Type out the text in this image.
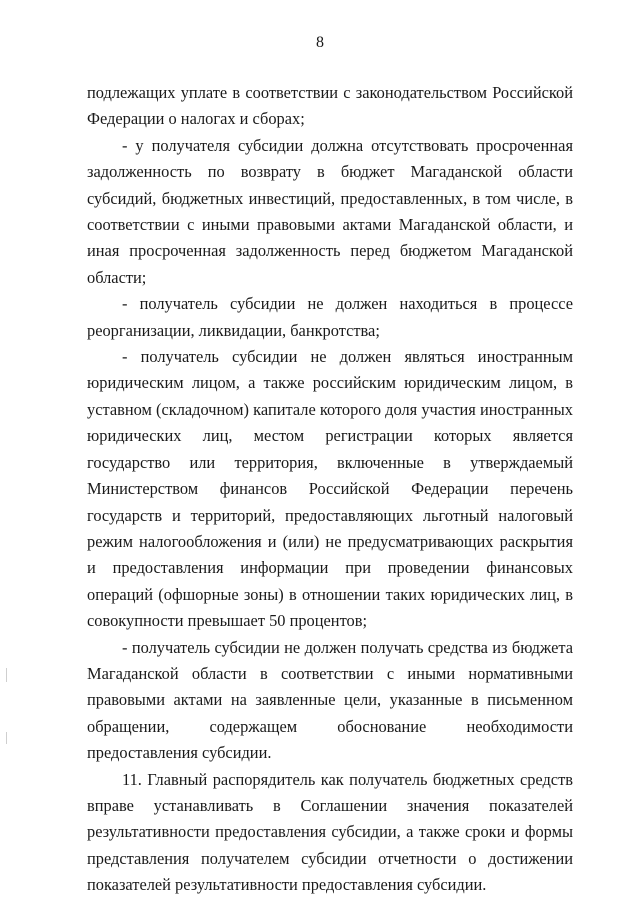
8

подлежащих уплате в соответствии с законодательством Российской Федерации о налогах и сборах;

- у получателя субсидии должна отсутствовать просроченная задолженность по возврату в бюджет Магаданской области субсидий, бюджетных инвестиций, предоставленных, в том числе, в соответствии с иными правовыми актами Магаданской области, и иная просроченная задолженность перед бюджетом Магаданской области;

- получатель субсидии не должен находиться в процессе реорганизации, ликвидации, банкротства;

- получатель субсидии не должен являться иностранным юридическим лицом, а также российским юридическим лицом, в уставном (складочном) капитале которого доля участия иностранных юридических лиц, местом регистрации которых является государство или территория, включенные в утверждаемый Министерством финансов Российской Федерации перечень государств и территорий, предоставляющих льготный налоговый режим налогообложения и (или) не предусматривающих раскрытия и предоставления информации при проведении финансовых операций (офшорные зоны) в отношении таких юридических лиц, в совокупности превышает 50 процентов;

- получатель субсидии не должен получать средства из бюджета Магаданской области в соответствии с иными нормативными правовыми актами на заявленные цели, указанные в письменном обращении, содержащем обоснование необходимости предоставления субсидии.

11. Главный распорядитель как получатель бюджетных средств вправе устанавливать в Соглашении значения показателей результативности предоставления субсидии, а также сроки и формы представления получателем субсидии отчетности о достижении показателей результативности предоставления субсидии.
